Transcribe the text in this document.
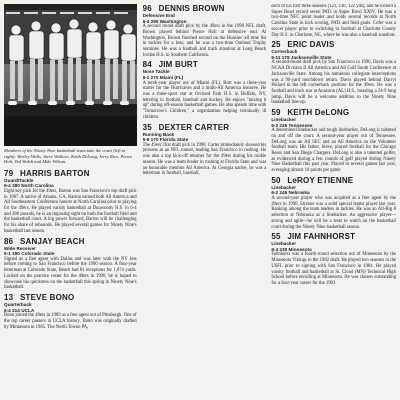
Members of the Ninety Nine basketball team take the court (left to right): Wesley Walls, Steve Wallace, Keith DeLong, Jerry Rice, Pierce Holt, Ted Walsh and Mike Wilson.
79 HARRIS BARTON
Guard/Tackle
6-4 280 North Carolina
Eight key pick for the 49ers, Barton was San Francisco's top draft pick in 1987. A native of Atlanta, GA, Barton earned both All America and All Southeastern Conference honors at North Carolina prior to playing for the 49ers. He played varsity basketball at Dunwoody H.S. in 6-4 and 280 pounds, he is an imposing sight on both the football field and the basketball court. A big power forward, Barton will be challenging for his share of rebounds. He played several games for Ninety Nine's basketball last season.
86 SANJAY BEACH
Wide Receiver
6-1 190 Colorado State
Signed as a free agent with Dallas and was later with the NY Jets before coming to San Francisco before the 1990 season. A four-year letterman at Colorado State, Beach had 81 receptions for 1,074 yards. Looked on the practice roster for the 49ers in 1990, he is hoped to showcase his quickness on the basketball this spring in Ninety Nine's basketball.
13 STEVE BONO
Quarterback
6-4 214 UCLA
Bono joined the 49ers in 1989 as a free agent out of Pittsburgh. One of the top career passers in UCLA history, Bono was originally drafted by Minnesota in 1985. The North Towne PA,
96 DENNIS BROWN
Defensive End
6-4 290 Washington
A second round draft pick by the 49ers in the 1990 NFL draft, Brown played behind Pierce Holt at defensive end. At Washington, Brown finished second on the Huskies' all time list in tackles for a loss, and he was a two-time Outland Trophy nominee. He was a football and track standout at Long Beach Jordan H.S. in Southern California.
84 JIM BURT
Nose Tackle
6-1 270 Miami (FL)
A tenth-year player out of Miami (FL), Burt was a three-year starter for the Hurricanes and a multi-All America honoree. He was a three-sport star at Orchard Park H.S. in Buffalo, NY, lettering in football, baseball and hockey. He enjoys "mixing it up" during off-season basketball games. He also spends time with "Tomorrow's Children," a organization helping terminally ill children.
35 DEXTER CARTER
Running Back
5-9 170 Florida State
The 49ers' first draft pick in 1990, Carter immediately showed his prowess as an NFL runner, leading San Francisco in rushing. He was also a top kick-off returner for the 49ers during his rookie season. He was a team leader in rushing at Florida State and was an honorable mention All America. At Georgia native, he was a letterman in football, baseball,
each of his first three seasons (121, 136, 122 yds), and he kicked a Super Bowl record seven PATs in Super Bowl XXIV. He was a two-time NFC point leader and holds several records at North Carolina State in kick scoring, PATs and field goals. Cofer was a soccer player prior to switching to football at Charlotte County Day H.S. in Charlotte, NC, where he was also a baseball standout.
25 ERIC DAVIS
Cornerback
5-11 178 Jacksonville State
A second-round draft pick by San Francisco in 1990, Davis was a NCAA Division II All America and All Gulf South Conference at Jacksonville State. Among his numerous collegiate interceptions was a 90-yard touchdown return. Davis played behind Darryl Pollard in the left cornerback position for the 49ers. He was a football and track star at Anniston (AL) H.S., boasting a 24-9 long jump. Davis will be a welcome addition to the Ninety Nine basketball line-up.
59 KEITH DeLONG
Linebacker
6-2 235 Tennessee
A determined linebacker and tough linebacker, DeLong is talented on and off the court. A second-year player out of Tennessee, DeLong was an All SEC and an All America on the Volunteer football team. His father, Steve, played football for the Chicago Bears and San Diego Chargers. DeLong is also a talented golfer, as evidenced during a few rounds of golf played during Ninety Nine Basketball this past year. Played in several games last year, averaging almost 10 points per game.
50 LeROY ETIENNE
Linebacker
6-2 245 Nebraska
A second-year player who was acquired as a free agent by the 49ers in 1990, Etienne was a solid special teams player last year. Ranking among the team leaders in tackles. He was an All-Big 8 selection at Nebraska as a linebacker. An aggressive player—strong and agile—he will be a treat to watch on the basketball court during the Ninety Nine basketball season.
55 JIM FAHNHORST
Linebacker
6-4 230 Minnesota
Fahnhorst was a fourth-round selection out of Minnesota by the Minnesota Vikings in the 1982 draft. He played two seasons in the USFL prior to signing with San Francisco in 1984. He played varsity football and basketball at St. Cloud (MN) Technical High School before enrolling at Minnesota. He was chosen outstanding for a four-year career for the 1983
